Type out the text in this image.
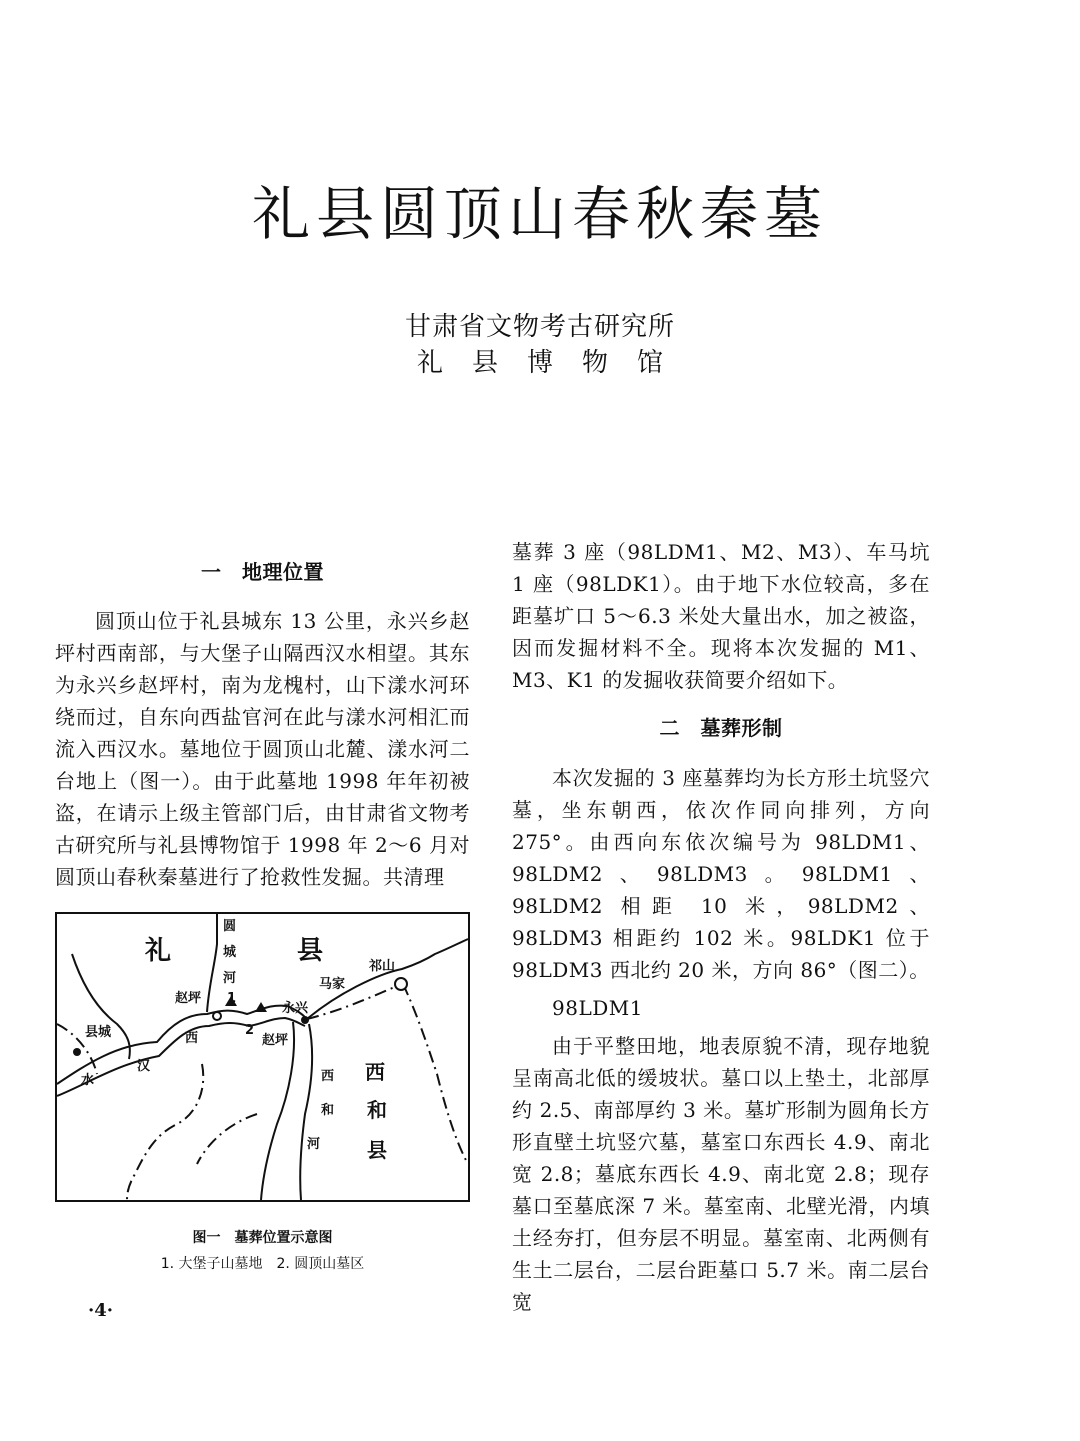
礼县圆顶山春秋秦墓
甘肃省文物考古研究所
礼县博物馆
一　地理位置

圆顶山位于礼县城东 13 公里，永兴乡赵坪村西南部，与大堡子山隔西汉水相望。其东为永兴乡赵坪村，南为龙槐村，山下漾水河环绕而过，自东向西盐官河在此与漾水河相汇而流入西汉水。墓地位于圆顶山北麓、漾水河二台地上（图一）。由于此墓地 1998 年年初被盗，在请示上级主管部门后，由甘肃省文物考古研究所与礼县博物馆于 1998 年 2～6 月对圆顶山春秋秦墓进行了抢救性发掘。共清理

礼	县
圆
城
河
1
赵坪
2
赵坪
永兴
马家
祁山
县城	西
汉
水	西
和
河
西
和
县
图一　墓葬位置示意图
1. 大堡子山墓地　2. 圆顶山墓区

墓葬 3 座（98LDM1、M2、M3）、车马坑 1 座（98LDK1）。由于地下水位较高，多在距墓圹口 5～6.3 米处大量出水，加之被盗，因而发掘材料不全。现将本次发掘的 M1、M3、K1 的发掘收获简要介绍如下。

二　墓葬形制

本次发掘的 3 座墓葬均为长方形土坑竖穴墓，坐东朝西，依次作同向排列，方向 275°。由西向东依次编号为 98LDM1、98LDM2、98LDM3。98LDM1、98LDM2 相距 10 米，98LDM2、98LDM3 相距约 102 米。98LDK1 位于 98LDM3 西北约 20 米，方向 86°（图二）。

98LDM1

由于平整田地，地表原貌不清，现存地貌呈南高北低的缓坡状。墓口以上垫土，北部厚约 2.5、南部厚约 3 米。墓圹形制为圆角长方形直壁土坑竖穴墓，墓室口东西长 4.9、南北宽 2.8；墓底东西长 4.9、南北宽 2.8；现存墓口至墓底深 7 米。墓室南、北壁光滑，内填土经夯打，但夯层不明显。墓室南、北两侧有生土二层台，二层台距墓口 5.7 米。南二层台宽

·4·
